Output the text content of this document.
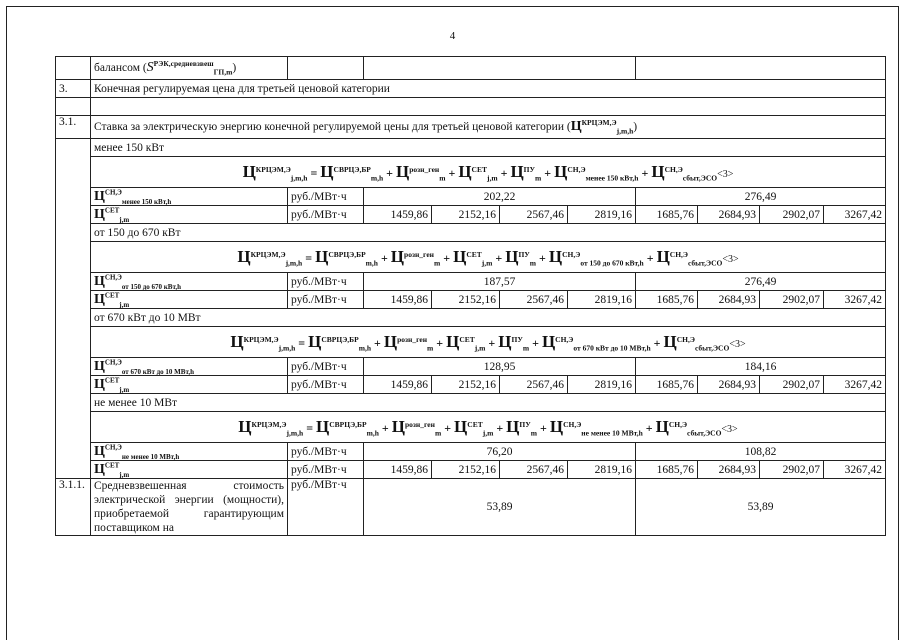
4
	балансом $(S^{РЭК,средневзвеш}_{ГП,m})$									
3.	Конечная регулируемая цена для третьей ценовой категории									

3.1.	Ставка за электрическую энергию конечной регулируемой цены для третьей ценовой категории $(Ц^{КРЦЭМ,Э}_{j,m,h})$									
	менее 150 кВт									
	$Ц^{КРЦЭМ,Э}_{j,m,h} = Ц^{СВРЦЭ,БР}_{m,h} + Ц^{розн\_ген}_m + Ц^{СЕТ}_{j,m} + Ц^{ПУ}_m + Ц^{СН,Э}_{менее 150 кВт,h} + Ц^{СН,Э}_{сбыт,ЭСО}<3>$									
	$Ц^{СН,Э}_{менее 150 кВт,h}$	руб./МВт·ч	202,22				276,49			
	$Ц^{СЕТ}_{j,m}$	руб./МВт·ч	1459,86	2152,16	2567,46	2819,16	1685,76	2684,93	2902,07	3267,42
	от 150 до 670 кВт									
	$Ц^{КРЦЭМ,Э}_{j,m,h} = Ц^{СВРЦЭ,БР}_{m,h} + Ц^{розн\_ген}_m + Ц^{СЕТ}_{j,m} + Ц^{ПУ}_m + Ц^{СН,Э}_{от 150 до 670 кВт,h} + Ц^{СН,Э}_{сбыт,ЭСО}<3>$									
	$Ц^{СН,Э}_{от 150 до 670 кВт,h}$	руб./МВт·ч	187,57				276,49			
	$Ц^{СЕТ}_{j,m}$	руб./МВт·ч	1459,86	2152,16	2567,46	2819,16	1685,76	2684,93	2902,07	3267,42
	от 670 кВт до 10 МВт									
	$Ц^{КРЦЭМ,Э}_{j,m,h} = Ц^{СВРЦЭ,БР}_{m,h} + Ц^{розн\_ген}_m + Ц^{СЕТ}_{j,m} + Ц^{ПУ}_m + Ц^{СН,Э}_{от 670 кВт до 10 МВт,h} + Ц^{СН,Э}_{сбыт,ЭСО}<3>$									
	$Ц^{СН,Э}_{от 670 кВт до 10 МВт,h}$	руб./МВт·ч	128,95				184,16			
	$Ц^{СЕТ}_{j,m}$	руб./МВт·ч	1459,86	2152,16	2567,46	2819,16	1685,76	2684,93	2902,07	3267,42
	не менее 10 МВт									
	$Ц^{КРЦЭМ,Э}_{j,m,h} = Ц^{СВРЦЭ,БР}_{m,h} + Ц^{розн\_ген}_m + Ц^{СЕТ}_{j,m} + Ц^{ПУ}_m + Ц^{СН,Э}_{не менее 10 МВт,h} + Ц^{СН,Э}_{сбыт,ЭСО}<3>$									
	$Ц^{СН,Э}_{не менее 10 МВт,h}$	руб./МВт·ч	76,20				108,82			
	$Ц^{СЕТ}_{j,m}$	руб./МВт·ч	1459,86	2152,16	2567,46	2819,16	1685,76	2684,93	2902,07	3267,42
3.1.1.	Средневзвешенная стоимость электрической энергии (мощности), приобретаемой гарантирующим поставщиком на	руб./МВт·ч	53,89				53,89			
